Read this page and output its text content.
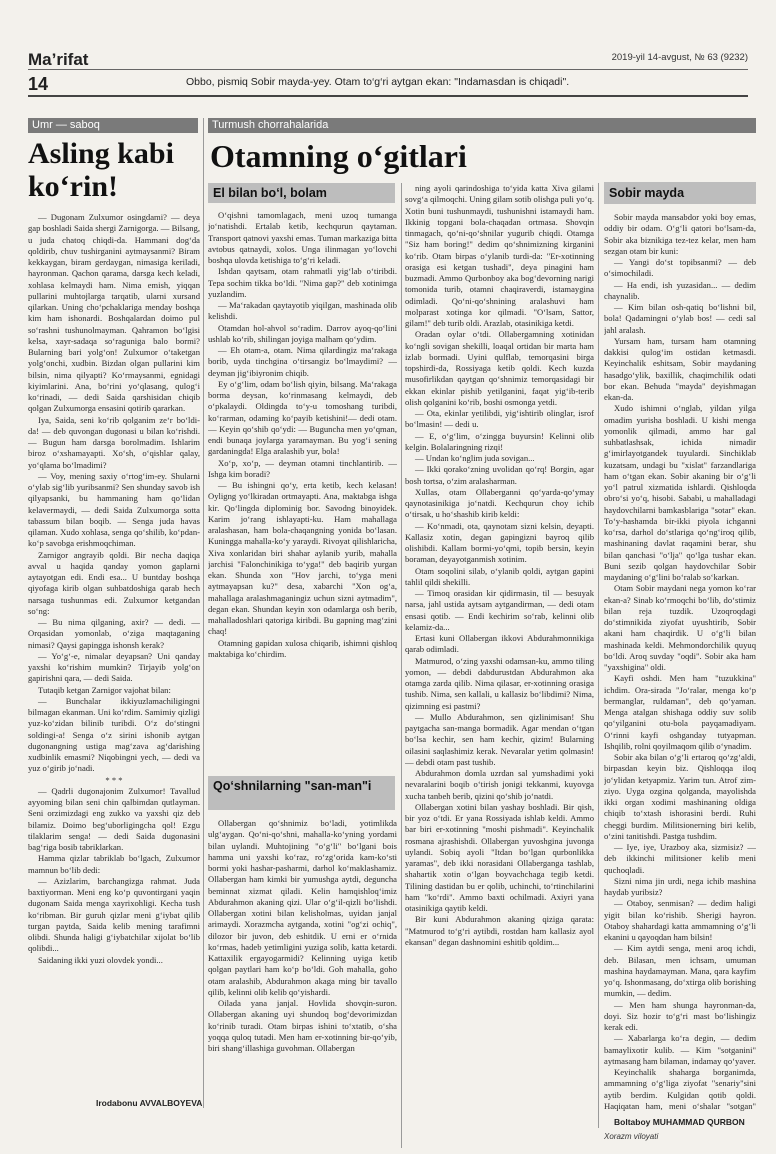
Ma’rifat	2019-yil 14-avgust, № 63 (9232)
14	Obbo, pismiq Sobir mayda-yey. Otam to‘g‘ri aytgan ekan: "Indamasdan is chiqadi".
Umr — saboq
Asling kabi ko‘rin!

— Dugonam Zulxumor osingdami? — deya gap boshladi Saida shergi Zarnigorga. — Bilsang, u juda chatoq chiqdi-da. Hammani dog‘da qoldirib, chuv tushirganini aytmaysanmi? Biram kekkaygan, biram gerdaygan, nimasiga keriladi, hayronman. Qachon qarama, darsga kech keladi, xohlasa kelmaydi ham. Nima emish, yiqqan pullarini muhtojlarga tarqatib, ularni xursand qilarkan. Uning cho‘pchaklariga menday boshqa kim ham ishonardi. Boshqalardan doimo pul so‘rashni tushunolmayman. Qahramon bo‘lgisi kelsa, xayr-sadaqa so‘raguniga balo bormi? Bularning bari yolg‘on! Zulxumor o‘taketgan yolg‘onchi, xudbin. Bizdan olgan pullarini kim bilsin, nima qilyapti? Ko‘rmaysanmi, egnidagi kiyimlarini. Ana, bo‘rini yo‘qlasang, qulog‘i ko‘rinadi, — dedi Saida qarshisidan chiqib qolgan Zulxumorga ensasini qotirib qararkan.

Iya, Saida, seni ko‘rib qolganim ze‘r bo‘ldi-da! — deb quvongan dugonasi u bilan ko‘rishdi. — Bugun ham darsga borolmadim. Ishlarim biroz o‘xshamayapti. Xo‘sh, o‘qishlar qalay, yo‘qlama bo‘lmadimi?

— Voy, mening saxiy o‘rtog‘im-ey. Shularni o‘ylab sig‘lib yuribsanmi? Sen shunday savob ish qilyapsanki, bu hammaning ham qo‘lidan kelavermaydi, — dedi Saida Zulxumorga sotta tabassum bilan boqib. — Senga juda havas qilaman. Xudo xohlasa, senga qo‘shilib, ko‘pdan-ko‘p savobga erishmoqchiman.

Zarnigor angrayib qoldi. Bir necha daqiqa avval u haqida qanday yomon gaplarni aytayotgan edi. Endi esa... U buntday boshqa qiyofaga kirib olgan suhbatdoshiga qarab hech narsaga tushunmas edi. Zulxumor ketgandan so‘ng:

— Bu nima qilganing, axir? — dedi. — Orqasidan yomonlab, o‘ziga maqtaganing nimasi? Qaysi gapingga ishonsh kerak?

— Yo‘g‘-e, nimalar deyapsan? Uni qanday yaxshi ko‘rishim mumkin? Tirjayib yolg‘on gapirishni qara, — dedi Saida.

Tutaqib ketgan Zarnigor vajohat bilan:

— Bunchalar ikkiyuzlamachiligingni bilmagan ekanman. Uni ko‘rdim. Samimiy qizligi yuz-ko‘zidan bilinib turibdi. O‘z do‘stingni soldingi-a! Senga o‘z sirini ishonib aytgan dugonangning ustiga mag‘zava ag‘darishing xudbinlik emasmi? Niqobingni yech, — dedi va yuz o‘girib jo‘nadi.

* * *

— Qadrli dugonajonim Zulxumor! Tavallud ayyoming bilan seni chin qalbimdan qutlayman. Seni orzimizdagi eng zukko va yaxshi qiz deb bilamiz. Doimo beg‘uborligingcha qol! Ezgu tilaklarim senga! — dedi Saida dugonasini bag‘riga bosib tabriklarkan.

Hamma qizlar tabriklab bo‘lgach, Zulxumor mamnun bo‘lib dedi:

— Azizlarim, barchangizga rahmat. Juda baxtiyorman. Meni eng ko‘p quvontirgani yaqin dugonam Saida menga xayrixohligi. Kecha tush ko‘ribman. Bir guruh qizlar meni g‘iybat qilib turgan paytda, Saida kelib mening tarafimni olibdi. Shunda haligi g‘iybatchilar xijolat bo‘lib qolibdi...

Saidaning ikki yuzi olovdek yondi...

Irodabonu AVVALBOYEVA
Turmush chorrahalarida
Otamning o‘gitlari
El bilan bo‘l, bolam

O‘qishni tamomlagach, meni uzoq tumanga jo‘natishdi. Ertalab ketib, kechqurun qaytaman. Transport qatnovi yaxshi emas. Tuman markaziga bitta avtobus qatnaydi, xolos. Unga ilinmagan yo‘lovchi boshqa ulovda ketishiga to‘g‘ri keladi.

Ishdan qaytsam, otam rahmatli yig‘lab o‘tiribdi. Tepa sochim tikka bo‘ldi. "Nima gap?" deb xotinimga yuzlandim.

— Ma‘rakadan qaytayotib yiqilgan, mashinada olib kelishdi.

Otamdan hol-ahvol so‘radim. Darrov ayoq-qo‘lini ushlab ko‘rib, shilingan joyiga malham qo‘ydim.

— Eh otam-a, otam. Nima qilardingiz ma‘rakaga borib, uyda tinchgina o‘tirsangiz bo‘lmaydimi? — deyman jig‘ibiyronim chiqib.

Ey o‘g‘lim, odam bo‘lish qiyin, bilsang. Ma‘rakaga borma deysan, ko‘rinmasang kelmaydi, deb o‘pkalaydi. Oldingda to‘y-u tomoshang turibdi, ko‘rarman, odaming ko‘payib ketishini!— dedi otam. — Keyin qo‘shib qo‘ydi: — Buguncha men yo‘qman, endi bunaqa joylarga yaramayman. Bu yog‘i sening gardaningda! Elga aralashib yur, bola!

Xo‘p, xo‘p, — deyman otamni tinchlantirib. — Ishga kim boradi?

— Bu ishingni qo‘y, erta ketib, kech kelasan! Oyligng yo‘lkiradan ortmayapti. Ana, maktabga ishga kir. Qo‘lingda diplominig bor. Savodng binoyidek. Karim jo‘rang ishlayapti-ku. Ham mahallaga aralashasan, ham bola-chaqangning yonida bo‘lasan. Kuningga mahalla-ko‘y yaraydi. Rivoyat qilishlaricha, Xiva xonlaridan biri shahar aylanib yurib, mahalla jarchisi "Falonchinikiga to‘yga!" deb baqirib yurgan ekan. Shunda xon "Hov jarchi, to‘yga meni aytmayapsan ku?" desa, xabarchi "Xon og‘a, mahallaga aralashmaganingiz uchun sizni aytmadim", degan ekan. Shundan keyin xon odamlarga osh berib, mahalladoshlari qatoriga kiribdi. Bu gapning mag‘zini chaq!

Otamning gapidan xulosa chiqarib, ishimni qishloq maktabiga ko‘chirdim.

Qo‘shnilarning "san-man"i

Ollabergan qo‘shnimiz bo‘ladi, yotimlikda ulg‘aygan. Qo‘ni-qo‘shni, mahalla-ko‘yning yordami bilan uylandi. Muhtojining "o‘g‘li" bo‘lgani bois hamma uni yaxshi ko‘raz, ro‘zg‘orida kam-ko‘sti bormi yoki hashar-pasharmi, darhol ko‘maklashamiz. Ollabergan ham kimki bir yumushga aytdi, deguncha beminnat xizmat qiladi. Kelin hamqishloq‘imiz Abdurahmon akaning qizi. Ular o‘g‘il-qizli bo‘lishdi. Ollabergan xotini bilan kelisholmas, uyidan janjal arimaydi. Xorazmcha aytganda, xotini "og‘zi ochiq", dilozor bir juvon, deb eshitdik. U erni er o‘rnida ko‘rmas, hadeb yetimligini yuziga solib, katta ketardi. Kattaxilik ergayogarmidi? Kelinning uyiga ketib qolgan paytlari ham ko‘p bo‘ldi. Goh mahalla, goho otam aralashib, Abdurahmon akaga ming bir tavallo qilib, kelinni olib kelib qo‘yishardi.

Oilada yana janjal. Hovlida shovqin-suron. Ollabergan akaning uyi shundoq bog‘devorimizdan ko‘rinib turadi. Otam birpas ishini to‘xtatib, o‘sha yoqqa quloq tutadi. Men ham er-xotinning bir-qo‘yib, biri shang‘illashiga guvohman. Ollabergan

ning ayoli qarindoshiga to‘yida katta Xiva gilami sovg‘a qilmoqchi. Uning gilam sotib olishga puli yo‘q. Xotin buni tushunmaydi, tushunishni istamaydi ham. Ikkinig topgani bola-chaqadan ortmasa. Shovqin tinmagach, qo‘ni-qo‘shnilar yugurib chiqdi. Otamga "Siz ham boring!" dedim qo‘shnimizning kirganini ko‘rib. Otam birpas o‘ylanib turdi-da: "Er-xotinning orasiga esi ketgan tushadi", deya pinagini ham buzmadi. Ammo Qurbonboy aka bog‘devorning narigi tomonida turib, otamni chaqiraverdi, istamaygina odimladi. Qo‘ni-qo‘shnining aralashuvi ham molparast xotinga kor qilmadi. "O‘lsam, Sattor, gilam!" deb turib oldi. Arazlab, otasinikiga ketdi.

Oradan oylar o‘tdi. Ollabergamning xotinidan ko‘ngli sovigan shekilli, loaqal ortidan bir marta ham izlab bormadi. Uyini qulflab, temorqasini birga topshirdi-da, Rossiyaga ketib qoldi. Kech kuzda musofirlikdan qaytgan qo‘shnimiz temorqasidagi bir ekkan ekinlar pishib yetilganini, faqat yig‘ib-terib olish qolganini ko‘rib, boshi osmonga yetdi.

— Ota, ekinlar yetilibdi, yig‘ishtirib olinglar, isrof bo‘lmasin! — dedi u.

— E, o‘g‘lim, o‘zingga buyursin! Kelinni olib kelgin. Bolalaringning rizqi!

— Undan ko‘nglim juda sovigan...

— Ikki qorako‘zning uvolidan qo‘rq! Borgin, agar bosh tortsa, o‘zim aralasharman.

Xullas, otam Ollaberganni qo‘yarda-qo‘ymay qaynotasinikiga jo‘natdi. Kechqurun choy ichib o‘tirsak, u ho‘shashib kirib keldi:

— Ko‘nmadi, ota, qaynotam sizni kelsin, deyapti. Kallasiz xotin, degan gapingizni bayroq qilib olishibdi. Kallam bormi-yo‘qmi, topib bersin, keyin boraman, deyayotganmish xotinim.

Otam soqolini silab, o‘ylanib qoldi, aytgan gapini tahlil qildi shekilli.

— Timoq orasidan kir qidirmasin, til — besuyak narsa, jahl ustida aytsam aytgandirman, — dedi otam ensasi qotib. — Endi kechirim so‘rab, kelinni olib kelamiz-da...

Ertasi kuni Ollabergan ikkovi Abdurahmonnikiga qarab odimladi.

Matmurod, o‘zing yaxshi odamsan-ku, ammo tiling yomon, — debdi dabdurustdan Abdurahmon aka otamga zarda qilib. Nima qilasar, er-xotinning orasiga tushib. Nima, sen kallali, u kallasiz bo‘libdimi? Nima, qizimning esi pastmi?

— Mullo Abdurahmon, sen qizlinimisan! Shu paytgacha san-manga bormadik. Agar mendan o‘tgan bo‘lsa kechir, sen ham kechir, qizim! Bularning oilasini saqlashimiz kerak. Nevaralar yetim qolmasin! — debdi otam past tushib.

Abdurahmon domla uzrdan sal yumshadimi yoki nevaralarini boqib o‘tirish jonigi tekkanmi, kuyovga xuchа tanbeh berib, qizini qo‘shib jo‘natdi.

Ollabergan xotini bilan yashay boshladi. Bir qish, bir yoz o‘tdi. Er yana Rossiyada ishlab keldi. Ammo bar biri er-xotinning "moshi pishmadi". Keyinchalik rosmana ajrashishdi. Ollabergan yuvoshgina juvonga uylandi. Sobiq ayoli "Itdan bo‘lgan qurbonlikka yaramas", deb ikki norasidani Ollaberganga tashlab, shahartik xotin o‘lgan boyvachchaga tegib ketdi. Tilining dastidan bu er qolib, uchinchi, to‘rtinchilarini ham "ko‘rdi". Ammo baxti ochilmadi. Axiyri yana otasinikiga qaytib keldi.

Bir kuni Abdurahmon akaning qiziga qarata: "Matmurod to‘g‘ri aytibdi, rostdan ham kallasiz ayol ekansan" degan dashnomini eshitib qoldim...

Sobir mayda

Sobir mayda mansabdor yoki boy emas, oddiy bir odam. O‘g‘li qatori bo‘lsam-da, Sobir aka biznikiga tez-tez kelar, men ham sezgan otam bir kuni:

— Yangi do‘st topibsanmi? — deb o‘simochiladi.

— Ha endi, ish yuzasidan... — dedim chaynalib.

— Kim bilan osh-qatiq bo‘lishni bil, bola! Qadamingni o‘ylab bos! — cedi sal jahl aralash.

Yursam ham, tursam ham otamning dakkisi qulog‘im ostidan ketmasdi. Keyinchalik eshitsam, Sobir maydaning hasadgo‘ylik, baxillik, chaqimchilik odati bor ekan. Behuda "mayda" deyishmagan ekan-da.

Xudo ishimni o‘nglab, yildan yilga omadim yurisha boshladi. U kishi menga yomonlik qilmadi, ammo har gal suhbatlashsak, ichida nimadir g‘imirlayotgandek tuyulardi. Sinchiklab kuzatsam, undagi bu "xislat" farzandlariga ham o‘tgan ekan. Sobir akaning bir o‘g‘li yo‘l patrul xizmatida ishlardi. Qishloqda obro‘si yo‘q, hisobi. Sababi, u mahalladagi haydovchilarni bamkasblariga "sotar" ekan. To‘y-hashamda bir-ikki piyola ichganni ko‘rsa, darhol do‘stlariga qo‘ng‘iroq qilib, mashinaning davlat raqamini berar, shu bilan qanchasi "o‘lja" qo‘lga tushar ekan. Buni sezib qolgan haydovchilar Sobir maydaning o‘g‘lini bo‘ralab so‘karkan.

Otam Sobir maydani nega yomon ko‘rar ekan-a? Sinab ko‘rmoqchi bo‘lib, do‘stimiz bilan reja tuzdik. Uzoqroqdagi do‘stimnikida ziyofat uyushtirib, Sobir akani ham chaqirdik. U o‘g‘li bilan mashinada keldi. Mehmondorchilik quyuq bo‘ldi. Aroq suvday "oqdi". Sobir aka ham "yaxshigina" oldi.

Kayfi oshdi. Men ham "tuzukkina" ichdim. Ora-sirada "Jo‘ralar, menga ko‘p bermanglar, ruldaman", deb qo‘yaman. Menga atalgan shishaga oddiy suv solib qo‘yilganini otu-bola payqamadiyam. O‘rinni kayfi oshganday tutyapman. Ishqilib, rolni qoyilmaqom qilib o‘ynadim.

Sobir aka bilan o‘g‘li erta‌roq qo‘zg‘aldi, birpasdan keyin biz. Qishloqqa iloq jo‘ylidan ketyapmiz. Yarim tun. Atrof zim-ziyo. Uyga ozgina qolganda, mayolishda ikki organ xodimi mashinaning oldiga chiqib to‘xtash ishorasini berdi. Ruhi cheggi burdim. Militsionerning biri kelib, o‘zini tanitishdi. Pastga tushdim.

— Iye, iye, Urazboy aka, sizmisiz? — deb ikkinchi militsioner kelib meni quchoqladi.

Sizni nima jin urdi, nega ichib mashina haydab yuribsiz?

— Otaboy, sen‌misan? — dedim haligi yigit bilan ko‘rishib. Sherigi hayron. Otaboy shahardagi katta ammamning o‘g‘li ekanini u qayoqdan ham bilsin!

— Kim aytdi senga, meni aroq ichdi, deb. Bilasan, men ichsam, umuman mashina haydamayman. Mana, qara kayfim yo‘q. Ishonmasang, do‘xtirga olib borishing mumkin, — dedim.

— Men ham shunga hayronman-da, doyi. Siz hozir to‘g‘ri mast bo‘lishingiz kerak edi.

— Xabarlarga ko‘ra degin, — dedim bamaylixotir kulib. — Kim "sotgan‌ini" aytmasang ham bilaman, indamay qo‘yaver.

Keyinchalik shaharga borganimda, ammamning o‘g‘liga ziyofat "senariy"sini aytib berdim. Kulgidan qotib qoldi. Haqiqatan ham, meni o‘shalar "sotgan"

Boltaboy MUHAMMAD QURBON
Xorazm viloyati
